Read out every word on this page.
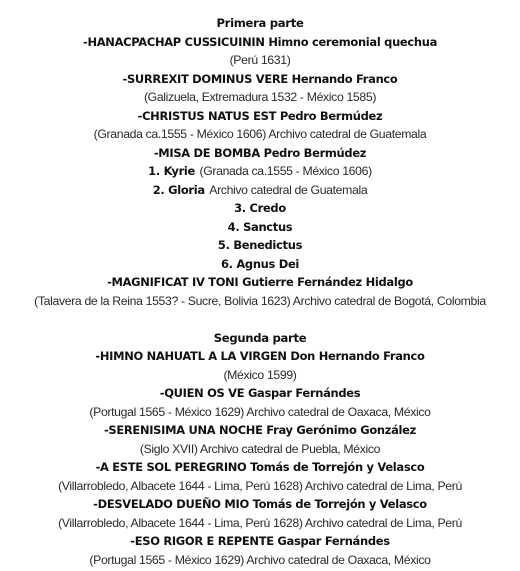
Primera parte
-HANACPACHAP CUSSICUININ Himno ceremonial quechua
(Perú 1631)
-SURREXIT DOMINUS VERE Hernando Franco
(Galizuela, Extremadura 1532 - México 1585)
-CHRISTUS NATUS EST Pedro Bermúdez
(Granada ca.1555 - México 1606) Archivo catedral de Guatemala
-MISA DE BOMBA Pedro Bermúdez
1. Kyrie (Granada ca.1555 - México 1606)
2. Gloria Archivo catedral de Guatemala
3. Credo
4. Sanctus
5. Benedictus
6. Agnus Dei
-MAGNIFICAT IV TONI Gutierre Fernández Hidalgo
(Talavera de la Reina 1553? - Sucre, Bolivia 1623) Archivo catedral de Bogotá, Colombia
Segunda parte
-HIMNO NAHUATL A LA VIRGEN Don Hernando Franco
(México 1599)
-QUIEN OS VE Gaspar Fernándes
(Portugal 1565 - México 1629) Archivo catedral de Oaxaca, México
-SERENISIMA UNA NOCHE Fray Gerónimo González
(Siglo XVII) Archivo catedral de Puebla, México
-A ESTE SOL PEREGRINO Tomás de Torrejón y Velasco
(Villarrobledo, Albacete 1644 - Lima, Perú 1628) Archivo catedral de Lima, Perú
-DESVELADO DUEÑO MIO Tomás de Torrejón y Velasco
(Villarrobledo, Albacete 1644 - Lima, Perú 1628) Archivo catedral de Lima, Perú
-ESO RIGOR E REPENTE Gaspar Fernándes
(Portugal 1565 - México 1629) Archivo catedral de Oaxaca, México
